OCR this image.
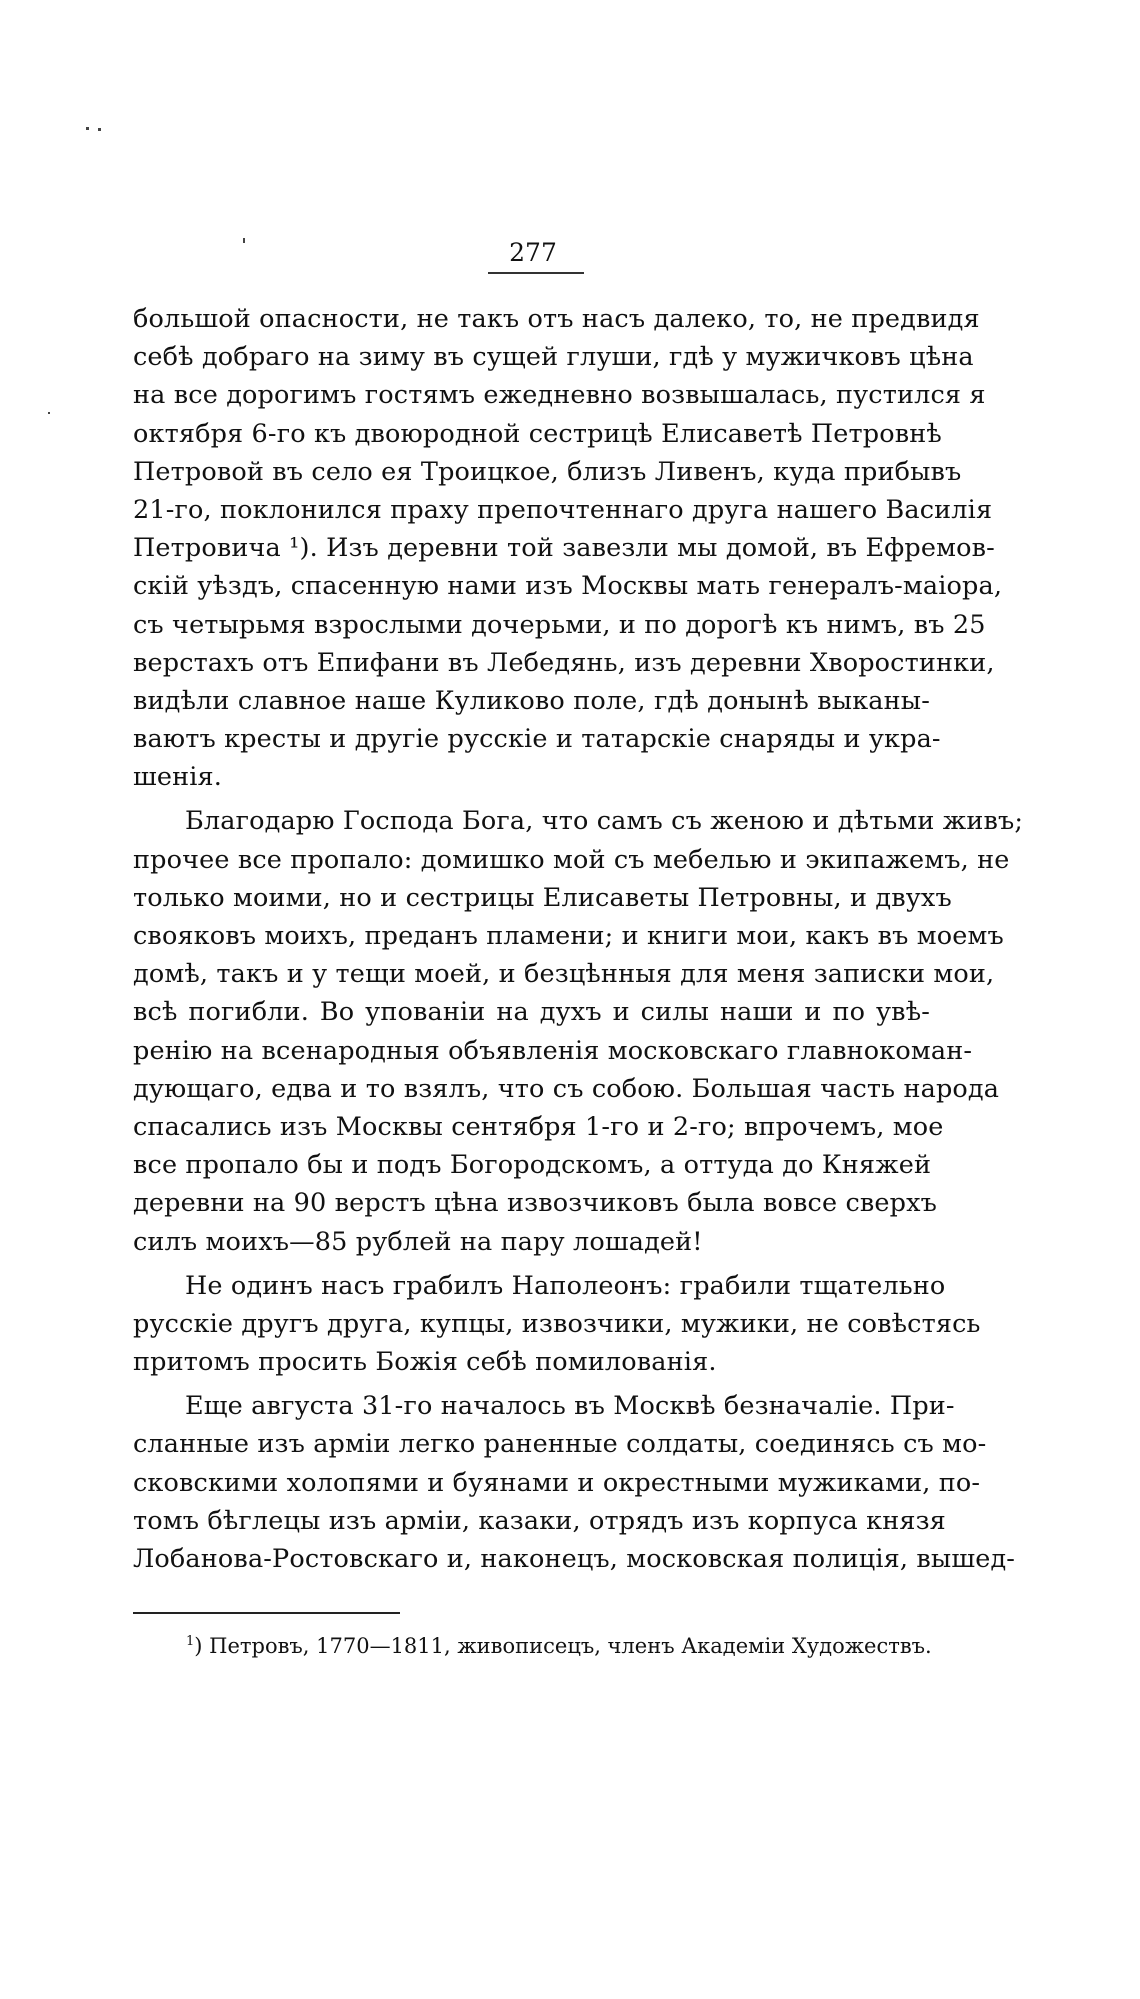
277
большой опасности, не такъ отъ насъ далеко, то, не предвидя
себѣ добраго на зиму въ сущей глуши, гдѣ у мужичковъ цѣна
на все дорогимъ гостямъ ежедневно возвышалась, пустился я
октября 6-го къ двоюродной сестрицѣ Елисаветѣ Петровнѣ
Петровой въ село ея Троицкое, близъ Ливенъ, куда прибывъ
21-го, поклонился праху препочтеннаго друга нашего Василія
Петровича ¹). Изъ деревни той завезли мы домой, въ Ефремов-
скій уѣздъ, спасенную нами изъ Москвы мать генералъ-маіора,
съ четырьмя взрослыми дочерьми, и по дорогѣ къ нимъ, въ 25
верстахъ отъ Епифани въ Лебедянь, изъ деревни Хворостинки,
видѣли славное наше Куликово поле, гдѣ донынѣ выканы-
ваютъ кресты и другіе русскіе и татарскіе снаряды и укра-
шенія.
Благодарю Господа Бога, что самъ съ женою и дѣтьми живъ;
прочее все пропало: домишко мой съ мебелью и экипажемъ, не
только моими, но и сестрицы Елисаветы Петровны, и двухъ
свояковъ моихъ, преданъ пламени; и книги мои, какъ въ моемъ
домѣ, такъ и у тещи моей, и безцѣнныя для меня записки мои,
всѣ погибли. Во упованіи на духъ и силы наши и по увѣ-
ренію на всенародныя объявленія московскаго главнокоман-
дующаго, едва и то взялъ, что съ собою. Большая часть народа
спасались изъ Москвы сентября 1-го и 2-го; впрочемъ, мое
все пропало бы и подъ Богородскомъ, а оттуда до Княжей
деревни на 90 верстъ цѣна извозчиковъ была вовсе сверхъ
силъ моихъ—85 рублей на пару лошадей!
Не одинъ насъ грабилъ Наполеонъ: грабили тщательно
русскіе другъ друга, купцы, извозчики, мужики, не совѣстясь
притомъ просить Божія себѣ помилованія.
Еще августа 31-го началось въ Москвѣ безначаліе. При-
сланные изъ арміи легко раненные солдаты, соединясь съ мо-
сковскими холопями и буянами и окрестными мужиками, по-
томъ бѣглецы изъ арміи, казаки, отрядъ изъ корпуса князя
Лобанова-Ростовскаго и, наконецъ, московская полиція, вышед-
$^1$) Петровъ, 1770—1811, живописецъ, членъ Академіи Художествъ.
